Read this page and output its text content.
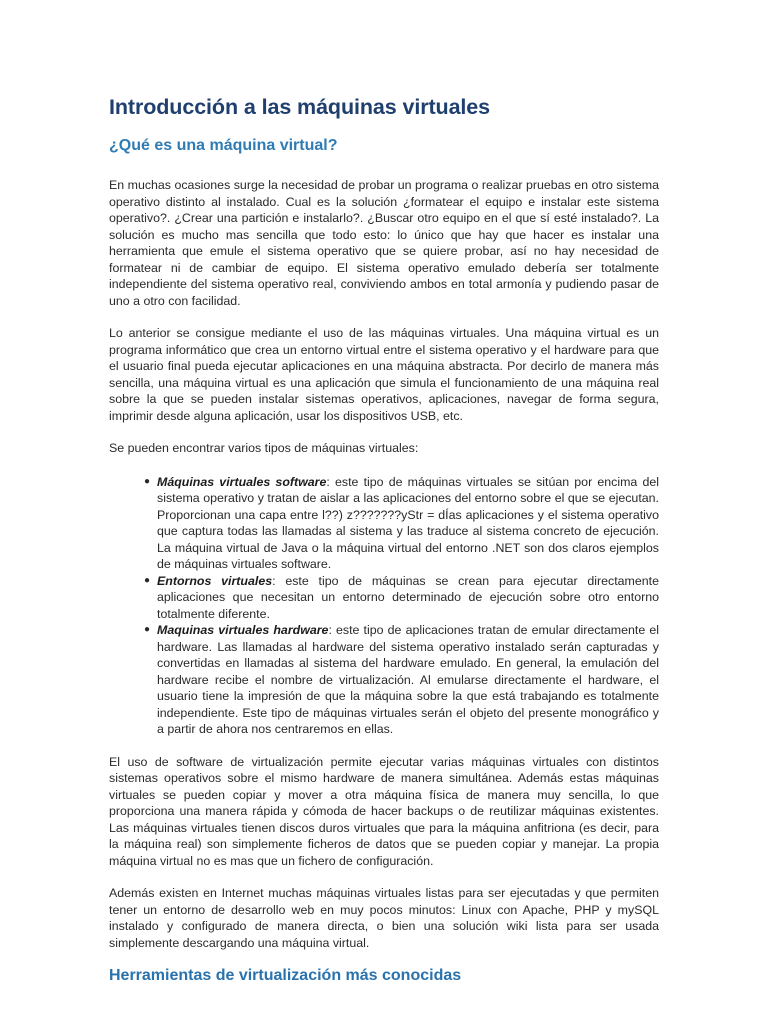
Introducción a las máquinas virtuales
¿Qué es una máquina virtual?

En muchas ocasiones surge la necesidad de probar un programa o realizar pruebas en otro sistema operativo distinto al instalado. Cual es la solución ¿formatear el equipo e instalar este sistema operativo?. ¿Crear una partición e instalarlo?. ¿Buscar otro equipo en el que sí esté instalado?. La solución es mucho mas sencilla que todo esto: lo único que hay que hacer es instalar una herramienta que emule el sistema operativo que se quiere probar, así no hay necesidad de formatear ni de cambiar de equipo. El sistema operativo emulado debería ser totalmente independiente del sistema operativo real, conviviendo ambos en total armonía y pudiendo pasar de uno a otro con facilidad.

Lo anterior se consigue mediante el uso de las máquinas virtuales. Una máquina virtual es un programa informático que crea un entorno virtual entre el sistema operativo y el hardware para que el usuario final pueda ejecutar aplicaciones en una máquina abstracta. Por decirlo de manera más sencilla, una máquina virtual es una aplicación que simula el funcionamiento de una máquina real sobre la que se pueden instalar sistemas operativos, aplicaciones, navegar de forma segura, imprimir desde alguna aplicación, usar los dispositivos USB, etc.

Se pueden encontrar varios tipos de máquinas virtuales:

● Máquinas virtuales software: este tipo de máquinas virtuales se sitúan por encima del sistema operativo y tratan de aislar a las aplicaciones del entorno sobre el que se ejecutan. Proporcionan una capa entre l??) z???????yStr = dÍas aplicaciones y el sistema operativo que captura todas las llamadas al sistema y las traduce al sistema concreto de ejecución. La máquina virtual de Java o la máquina virtual del entorno .NET son dos claros ejemplos de máquinas virtuales software.
● Entornos virtuales: este tipo de máquinas se crean para ejecutar directamente aplicaciones que necesitan un entorno determinado de ejecución sobre otro entorno totalmente diferente.
● Maquinas virtuales hardware: este tipo de aplicaciones tratan de emular directamente el hardware. Las llamadas al hardware del sistema operativo instalado serán capturadas y convertidas en llamadas al sistema del hardware emulado. En general, la emulación del hardware recibe el nombre de virtualización. Al emularse directamente el hardware, el usuario tiene la impresión de que la máquina sobre la que está trabajando es totalmente independiente. Este tipo de máquinas virtuales serán el objeto del presente monográfico y a partir de ahora nos centraremos en ellas.

El uso de software de virtualización permite ejecutar varias máquinas virtuales con distintos sistemas operativos sobre el mismo hardware de manera simultánea. Además estas máquinas virtuales se pueden copiar y mover a otra máquina física de manera muy sencilla, lo que proporciona una manera rápida y cómoda de hacer backups o de reutilizar máquinas existentes. Las máquinas virtuales tienen discos duros virtuales que para la máquina anfitriona (es decir, para la máquina real) son simplemente ficheros de datos que se pueden copiar y manejar. La propia máquina virtual no es mas que un fichero de configuración.

Además existen en Internet muchas máquinas virtuales listas para ser ejecutadas y que permiten tener un entorno de desarrollo web en muy pocos minutos: Linux con Apache, PHP y mySQL instalado y configurado de manera directa, o bien una solución wiki lista para ser usada simplemente descargando una máquina virtual.

Herramientas de virtualización más conocidas
